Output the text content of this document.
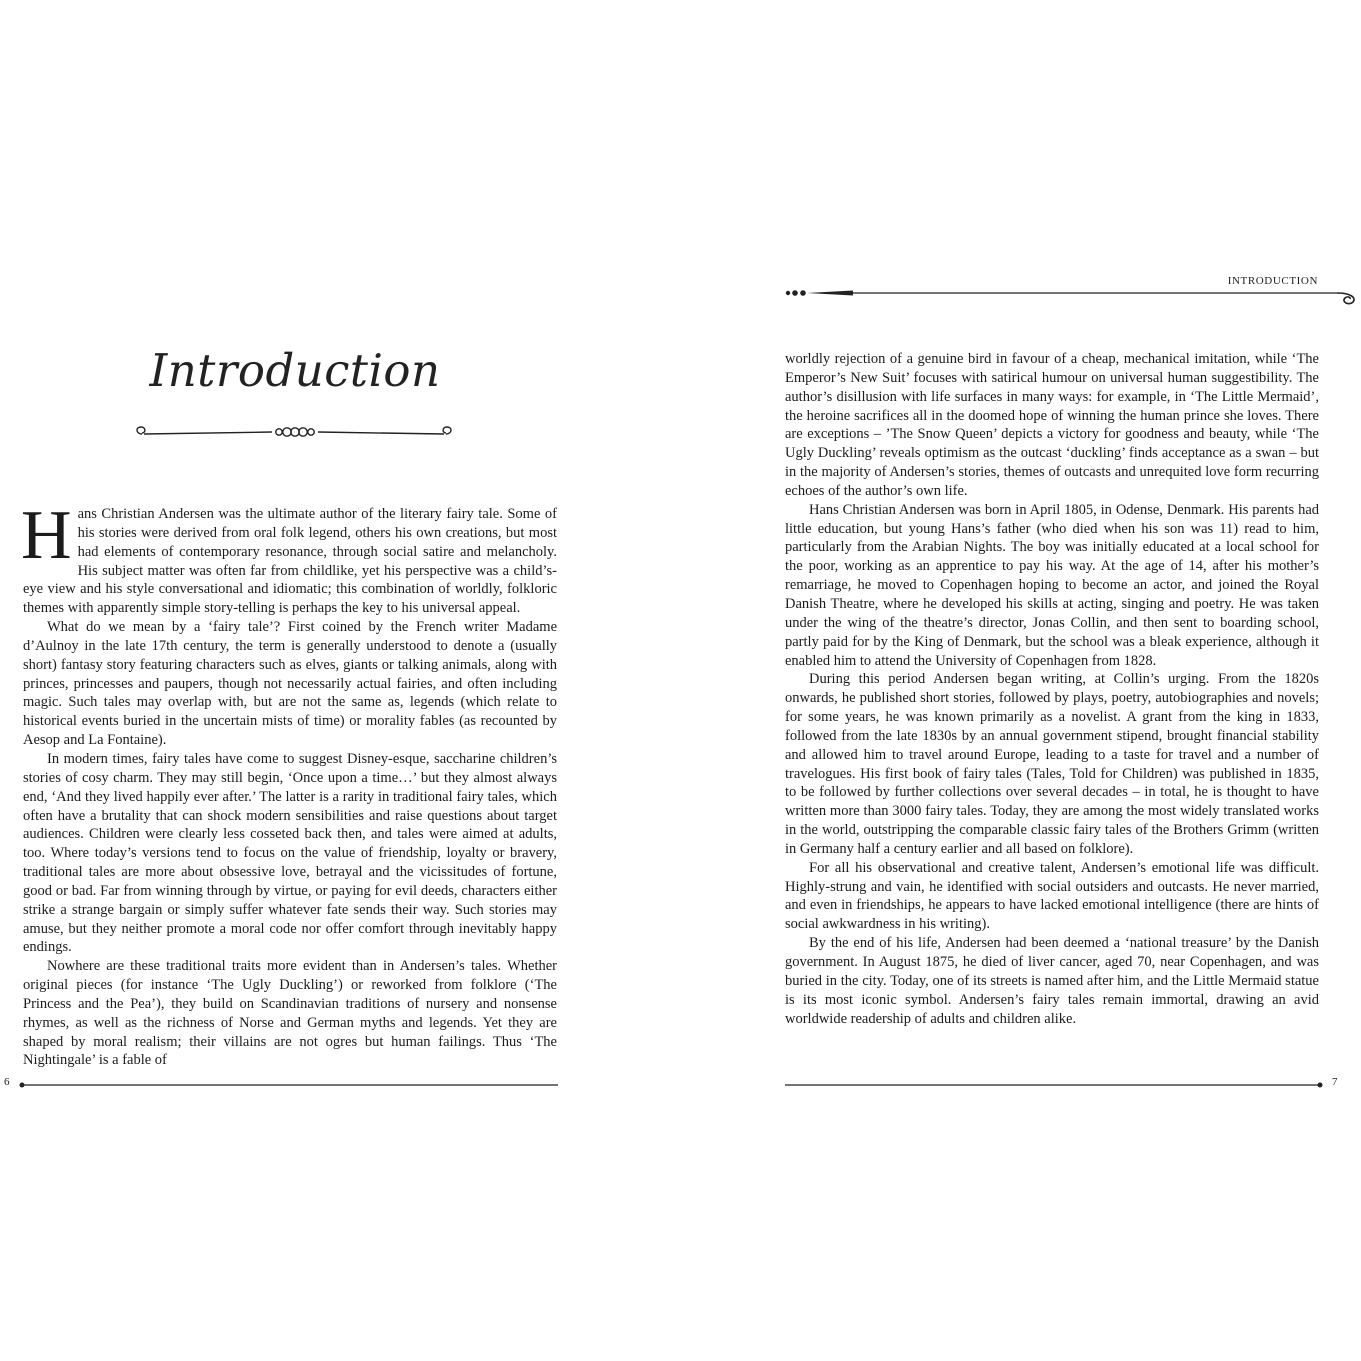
Introduction

Hans Christian Andersen was the ultimate author of the literary fairy tale. Some of his stories were derived from oral folk legend, others his own creations, but most had elements of contemporary resonance, through social satire and melancholy. His subject matter was often far from childlike, yet his perspective was a child’s-eye view and his style conversational and idiomatic; this combination of worldly, folkloric themes with apparently simple story-telling is perhaps the key to his universal appeal.

What do we mean by a ‘fairy tale’? First coined by the French writer Madame d’Aulnoy in the late 17th century, the term is generally understood to denote a (usually short) fantasy story featuring characters such as elves, giants or talking animals, along with princes, princesses and paupers, though not necessarily actual fairies, and often including magic. Such tales may overlap with, but are not the same as, legends (which relate to historical events buried in the uncertain mists of time) or morality fables (as recounted by Aesop and La Fontaine).

In modern times, fairy tales have come to suggest Disney-esque, saccharine children’s stories of cosy charm. They may still begin, ‘Once upon a time…’ but they almost always end, ‘And they lived happily ever after.’ The latter is a rarity in traditional fairy tales, which often have a brutality that can shock modern sensibilities and raise questions about target audiences. Children were clearly less cosseted back then, and tales were aimed at adults, too. Where today’s versions tend to focus on the value of friendship, loyalty or bravery, traditional tales are more about obsessive love, betrayal and the vicissitudes of fortune, good or bad. Far from winning through by virtue, or paying for evil deeds, characters either strike a strange bargain or simply suffer whatever fate sends their way. Such stories may amuse, but they neither promote a moral code nor offer comfort through inevitably happy endings.

Nowhere are these traditional traits more evident than in Andersen’s tales. Whether original pieces (for instance ‘The Ugly Duckling’) or reworked from folklore (‘The Princess and the Pea’), they build on Scandinavian traditions of nursery and nonsense rhymes, as well as the richness of Norse and German myths and legends. Yet they are shaped by moral realism; their villains are not ogres but human failings. Thus ‘The Nightingale’ is a fable of

6
INTRODUCTION

worldly rejection of a genuine bird in favour of a cheap, mechanical imitation, while ‘The Emperor’s New Suit’ focuses with satirical humour on universal human suggestibility. The author’s disillusion with life surfaces in many ways: for example, in ‘The Little Mermaid’, the heroine sacrifices all in the doomed hope of winning the human prince she loves. There are exceptions – ’The Snow Queen’ depicts a victory for goodness and beauty, while ‘The Ugly Duckling’ reveals optimism as the outcast ‘duckling’ finds acceptance as a swan – but in the majority of Andersen’s stories, themes of outcasts and unrequited love form recurring echoes of the author’s own life.

Hans Christian Andersen was born in April 1805, in Odense, Denmark. His parents had little education, but young Hans’s father (who died when his son was 11) read to him, particularly from the Arabian Nights. The boy was initially educated at a local school for the poor, working as an apprentice to pay his way. At the age of 14, after his mother’s remarriage, he moved to Copenhagen hoping to become an actor, and joined the Royal Danish Theatre, where he developed his skills at acting, singing and poetry. He was taken under the wing of the theatre’s director, Jonas Collin, and then sent to boarding school, partly paid for by the King of Denmark, but the school was a bleak experience, although it enabled him to attend the University of Copenhagen from 1828.

During this period Andersen began writing, at Collin’s urging. From the 1820s onwards, he published short stories, followed by plays, poetry, autobiographies and novels; for some years, he was known primarily as a novelist. A grant from the king in 1833, followed from the late 1830s by an annual government stipend, brought financial stability and allowed him to travel around Europe, leading to a taste for travel and a number of travelogues. His first book of fairy tales (Tales, Told for Children) was published in 1835, to be followed by further collections over several decades – in total, he is thought to have written more than 3000 fairy tales. Today, they are among the most widely translated works in the world, outstripping the comparable classic fairy tales of the Brothers Grimm (written in Germany half a century earlier and all based on folklore).

For all his observational and creative talent, Andersen’s emotional life was difficult. Highly-strung and vain, he identified with social outsiders and outcasts. He never married, and even in friendships, he appears to have lacked emotional intelligence (there are hints of social awkwardness in his writing).

By the end of his life, Andersen had been deemed a ‘national treasure’ by the Danish government. In August 1875, he died of liver cancer, aged 70, near Copenhagen, and was buried in the city. Today, one of its streets is named after him, and the Little Mermaid statue is its most iconic symbol. Andersen’s fairy tales remain immortal, drawing an avid worldwide readership of adults and children alike.

7
